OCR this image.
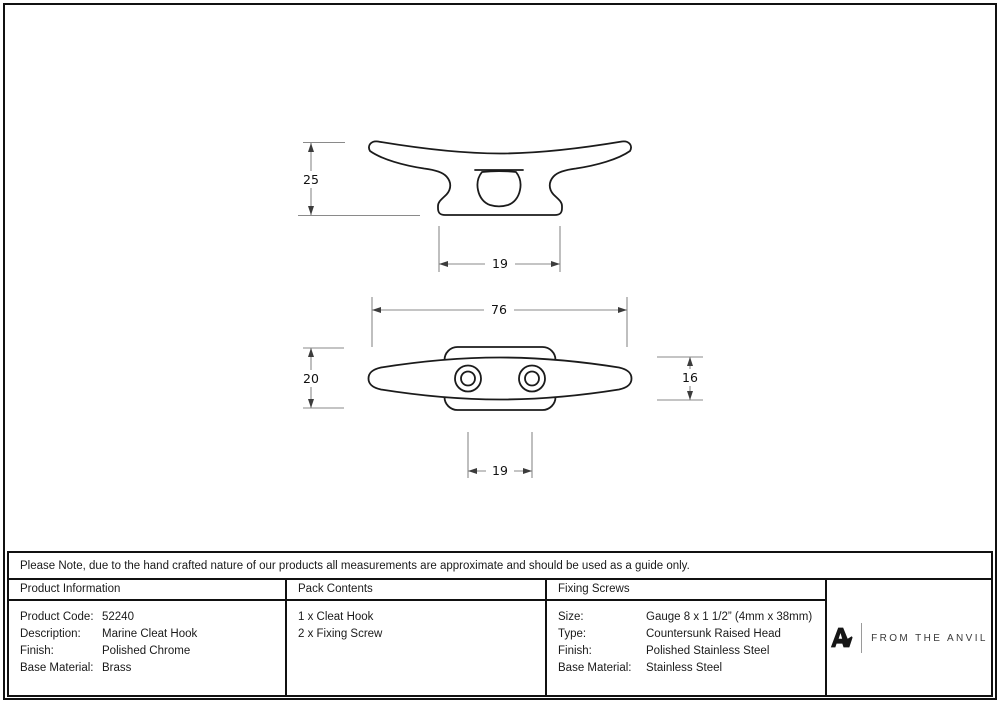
25
19
76
20	16
19
Please Note, due to the hand crafted nature of our products all measurements are approximate and should be used as a guide only.
Product Information
Product Code: 52240
Description:	Marine Cleat Hook
Finish:	Polished Chrome
Base Material: Brass
Pack Contents
1 x Cleat Hook
2 x Fixing Screw
Fixing Screws
Size:	Gauge 8 x 1 1/2” (4mm x 38mm)
Type:	Countersunk Raised Head
Finish:	Polished Stainless Steel
Base Material:	Stainless Steel
FROM THE ANVIL
